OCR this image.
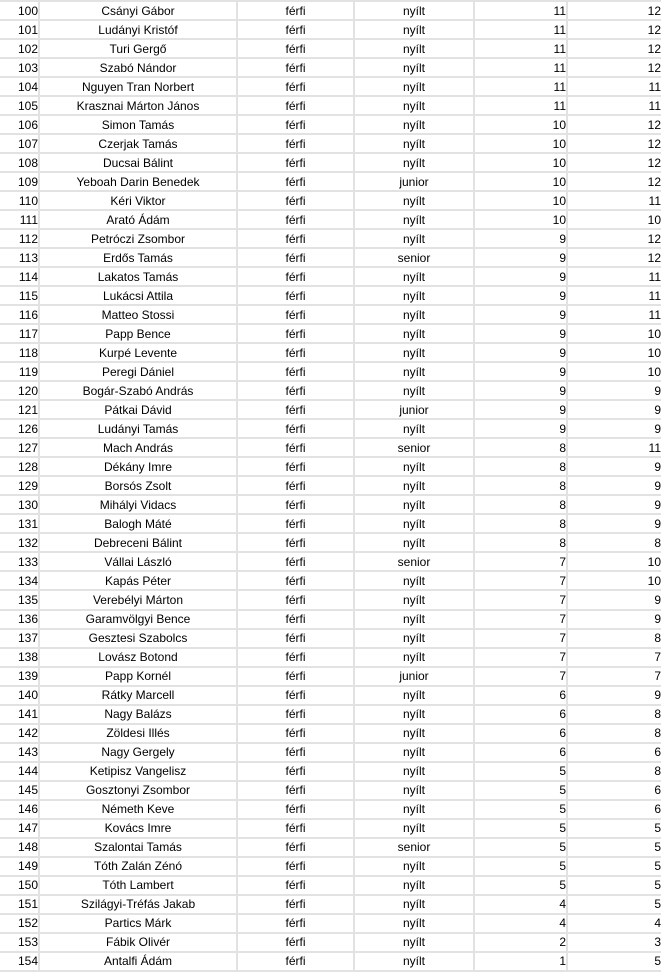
100	Csányi Gábor	férfi	nyílt	11	12
101	Ludányi Kristóf	férfi	nyílt	11	12
102	Turi Gergő	férfi	nyílt	11	12
103	Szabó Nándor	férfi	nyílt	11	12
104	Nguyen Tran Norbert	férfi	nyílt	11	11
105	Krasznai Márton János	férfi	nyílt	11	11
106	Simon Tamás	férfi	nyílt	10	12
107	Czerjak Tamás	férfi	nyílt	10	12
108	Ducsai Bálint	férfi	nyílt	10	12
109	Yeboah Darin Benedek	férfi	junior	10	12
110	Kéri Viktor	férfi	nyílt	10	11
111	Arató Ádám	férfi	nyílt	10	10
112	Petróczi Zsombor	férfi	nyílt	9	12
113	Erdős Tamás	férfi	senior	9	12
114	Lakatos Tamás	férfi	nyílt	9	11
115	Lukácsi Attila	férfi	nyílt	9	11
116	Matteo Stossi	férfi	nyílt	9	11
117	Papp Bence	férfi	nyílt	9	10
118	Kurpé Levente	férfi	nyílt	9	10
119	Peregi Dániel	férfi	nyílt	9	10
120	Bogár-Szabó András	férfi	nyílt	9	9
121	Pátkai Dávid	férfi	junior	9	9
126	Ludányi Tamás	férfi	nyílt	9	9
127	Mach András	férfi	senior	8	11
128	Dékány Imre	férfi	nyílt	8	9
129	Borsós Zsolt	férfi	nyílt	8	9
130	Mihályi Vidacs	férfi	nyílt	8	9
131	Balogh Máté	férfi	nyílt	8	9
132	Debreceni Bálint	férfi	nyílt	8	8
133	Vállai László	férfi	senior	7	10
134	Kapás Péter	férfi	nyílt	7	10
135	Verebélyi Márton	férfi	nyílt	7	9
136	Garamvölgyi Bence	férfi	nyílt	7	9
137	Gesztesi Szabolcs	férfi	nyílt	7	8
138	Lovász Botond	férfi	nyílt	7	7
139	Papp Kornél	férfi	junior	7	7
140	Rátky Marcell	férfi	nyílt	6	9
141	Nagy Balázs	férfi	nyílt	6	8
142	Zöldesi Illés	férfi	nyílt	6	8
143	Nagy Gergely	férfi	nyílt	6	6
144	Ketipisz Vangelisz	férfi	nyílt	5	8
145	Gosztonyi Zsombor	férfi	nyílt	5	6
146	Németh Keve	férfi	nyílt	5	6
147	Kovács Imre	férfi	nyílt	5	5
148	Szalontai Tamás	férfi	senior	5	5
149	Tóth Zalán Zénó	férfi	nyílt	5	5
150	Tóth Lambert	férfi	nyílt	5	5
151	Szilágyi-Tréfás Jakab	férfi	nyílt	4	5
152	Partics Márk	férfi	nyílt	4	4
153	Fábik Olivér	férfi	nyílt	2	3
154	Antalfi Ádám	férfi	nyílt	1	5
